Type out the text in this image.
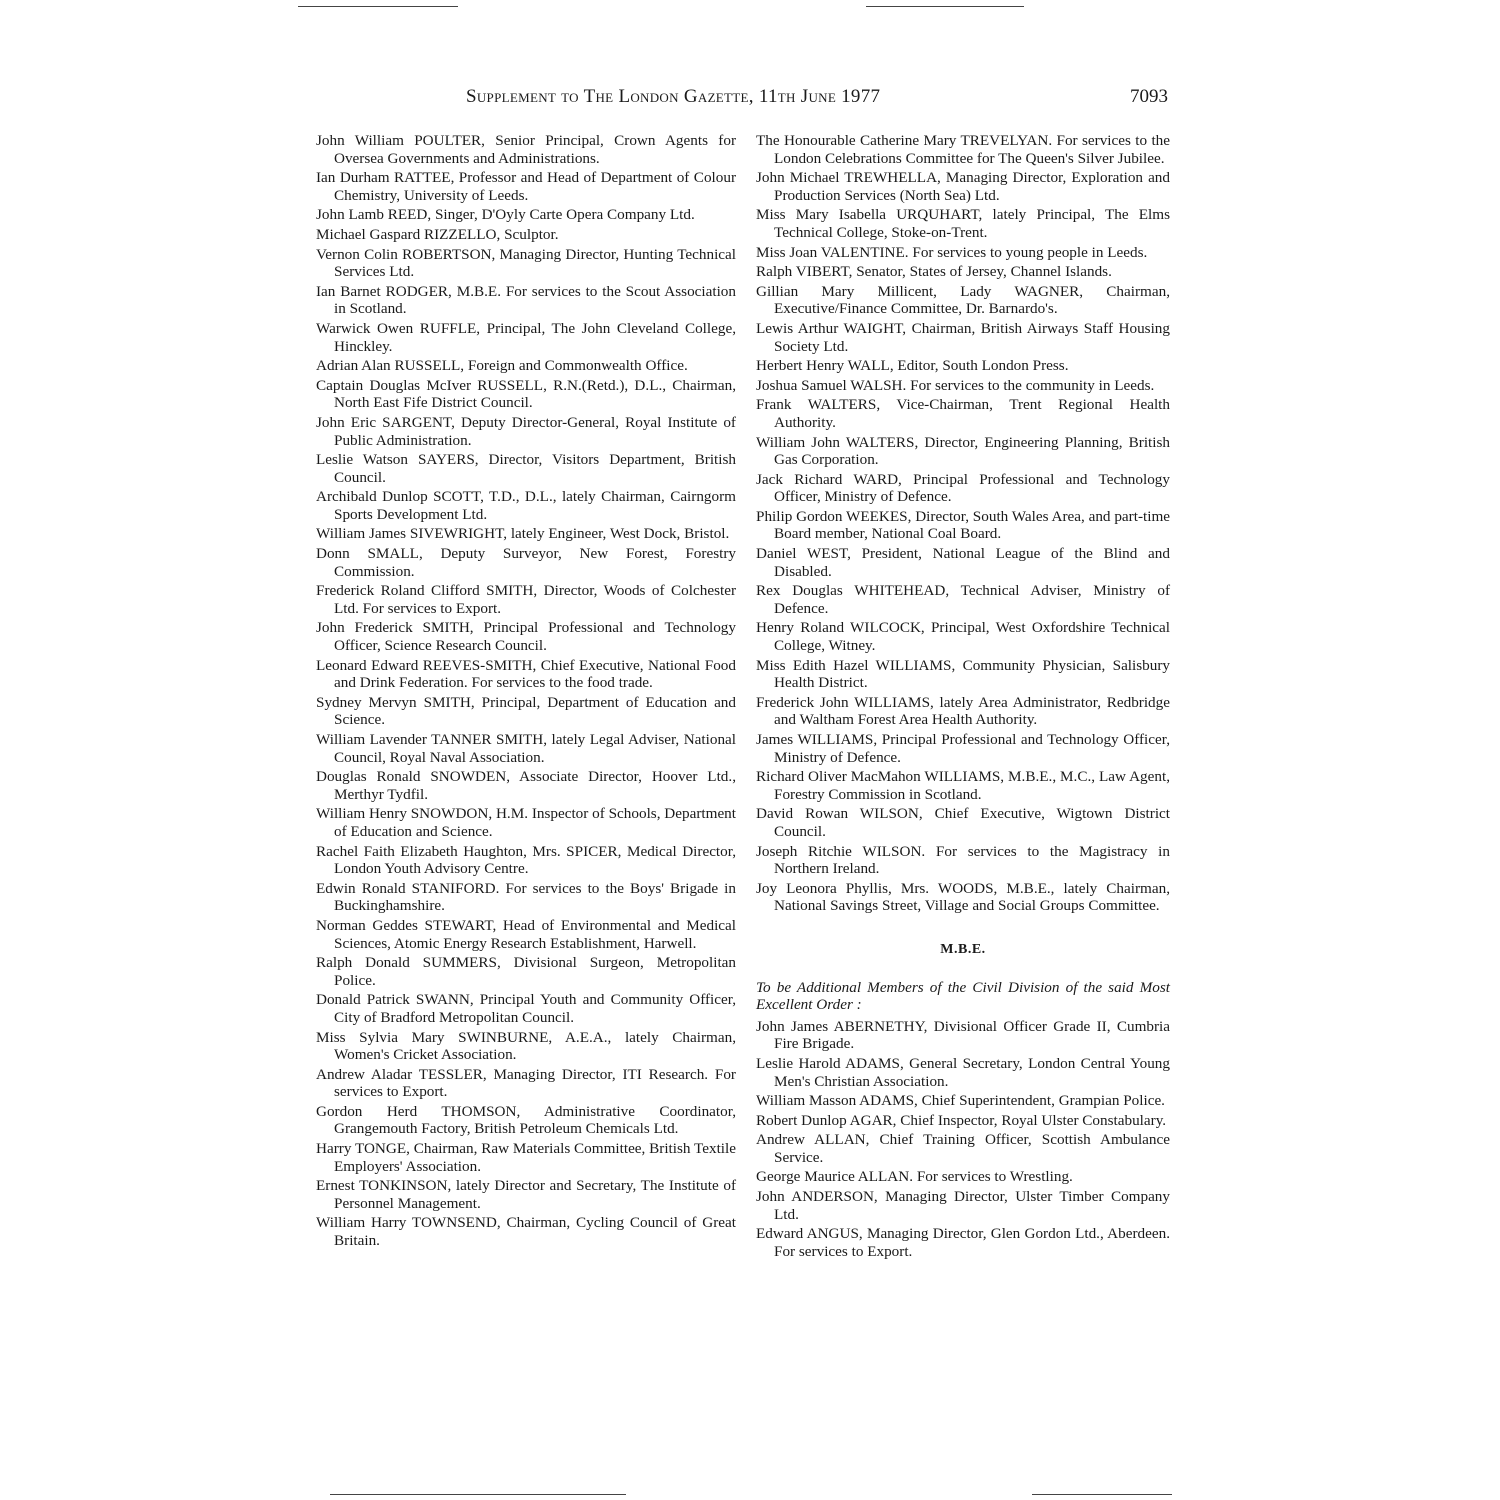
Supplement to The London Gazette, 11th June 1977	7093
John William POULTER, Senior Principal, Crown Agents for Oversea Governments and Administrations.
Ian Durham RATTEE, Professor and Head of Department of Colour Chemistry, University of Leeds.
John Lamb REED, Singer, D'Oyly Carte Opera Company Ltd.
Michael Gaspard RIZZELLO, Sculptor.
Vernon Colin ROBERTSON, Managing Director, Hunting Technical Services Ltd.
Ian Barnet RODGER, M.B.E. For services to the Scout Association in Scotland.
Warwick Owen RUFFLE, Principal, The John Cleveland College, Hinckley.
Adrian Alan RUSSELL, Foreign and Commonwealth Office.
Captain Douglas McIver RUSSELL, R.N.(Retd.), D.L., Chairman, North East Fife District Council.
John Eric SARGENT, Deputy Director-General, Royal Institute of Public Administration.
Leslie Watson SAYERS, Director, Visitors Department, British Council.
Archibald Dunlop SCOTT, T.D., D.L., lately Chairman, Cairngorm Sports Development Ltd.
William James SIVEWRIGHT, lately Engineer, West Dock, Bristol.
Donn SMALL, Deputy Surveyor, New Forest, Forestry Commission.
Frederick Roland Clifford SMITH, Director, Woods of Colchester Ltd. For services to Export.
John Frederick SMITH, Principal Professional and Technology Officer, Science Research Council.
Leonard Edward REEVES-SMITH, Chief Executive, National Food and Drink Federation. For services to the food trade.
Sydney Mervyn SMITH, Principal, Department of Education and Science.
William Lavender TANNER SMITH, lately Legal Adviser, National Council, Royal Naval Association.
Douglas Ronald SNOWDEN, Associate Director, Hoover Ltd., Merthyr Tydfil.
William Henry SNOWDON, H.M. Inspector of Schools, Department of Education and Science.
Rachel Faith Elizabeth Haughton, Mrs. SPICER, Medical Director, London Youth Advisory Centre.
Edwin Ronald STANIFORD. For services to the Boys' Brigade in Buckinghamshire.
Norman Geddes STEWART, Head of Environmental and Medical Sciences, Atomic Energy Research Establishment, Harwell.
Ralph Donald SUMMERS, Divisional Surgeon, Metropolitan Police.
Donald Patrick SWANN, Principal Youth and Community Officer, City of Bradford Metropolitan Council.
Miss Sylvia Mary SWINBURNE, A.E.A., lately Chairman, Women's Cricket Association.
Andrew Aladar TESSLER, Managing Director, ITI Research. For services to Export.
Gordon Herd THOMSON, Administrative Coordinator, Grangemouth Factory, British Petroleum Chemicals Ltd.
Harry TONGE, Chairman, Raw Materials Committee, British Textile Employers' Association.
Ernest TONKINSON, lately Director and Secretary, The Institute of Personnel Management.
William Harry TOWNSEND, Chairman, Cycling Council of Great Britain.
The Honourable Catherine Mary TREVELYAN. For services to the London Celebrations Committee for The Queen's Silver Jubilee.
John Michael TREWHELLA, Managing Director, Exploration and Production Services (North Sea) Ltd.
Miss Mary Isabella URQUHART, lately Principal, The Elms Technical College, Stoke-on-Trent.
Miss Joan VALENTINE. For services to young people in Leeds.
Ralph VIBERT, Senator, States of Jersey, Channel Islands.
Gillian Mary Millicent, Lady WAGNER, Chairman, Executive/Finance Committee, Dr. Barnardo's.
Lewis Arthur WAIGHT, Chairman, British Airways Staff Housing Society Ltd.
Herbert Henry WALL, Editor, South London Press.
Joshua Samuel WALSH. For services to the community in Leeds.
Frank WALTERS, Vice-Chairman, Trent Regional Health Authority.
William John WALTERS, Director, Engineering Planning, British Gas Corporation.
Jack Richard WARD, Principal Professional and Technology Officer, Ministry of Defence.
Philip Gordon WEEKES, Director, South Wales Area, and part-time Board member, National Coal Board.
Daniel WEST, President, National League of the Blind and Disabled.
Rex Douglas WHITEHEAD, Technical Adviser, Ministry of Defence.
Henry Roland WILCOCK, Principal, West Oxfordshire Technical College, Witney.
Miss Edith Hazel WILLIAMS, Community Physician, Salisbury Health District.
Frederick John WILLIAMS, lately Area Administrator, Redbridge and Waltham Forest Area Health Authority.
James WILLIAMS, Principal Professional and Technology Officer, Ministry of Defence.
Richard Oliver MacMahon WILLIAMS, M.B.E., M.C., Law Agent, Forestry Commission in Scotland.
David Rowan WILSON, Chief Executive, Wigtown District Council.
Joseph Ritchie WILSON. For services to the Magistracy in Northern Ireland.
Joy Leonora Phyllis, Mrs. WOODS, M.B.E., lately Chairman, National Savings Street, Village and Social Groups Committee.
M.B.E.
To be Additional Members of the Civil Division of the said Most Excellent Order :
John James ABERNETHY, Divisional Officer Grade II, Cumbria Fire Brigade.
Leslie Harold ADAMS, General Secretary, London Central Young Men's Christian Association.
William Masson ADAMS, Chief Superintendent, Grampian Police.
Robert Dunlop AGAR, Chief Inspector, Royal Ulster Constabulary.
Andrew ALLAN, Chief Training Officer, Scottish Ambulance Service.
George Maurice ALLAN. For services to Wrestling.
John ANDERSON, Managing Director, Ulster Timber Company Ltd.
Edward ANGUS, Managing Director, Glen Gordon Ltd., Aberdeen. For services to Export.
